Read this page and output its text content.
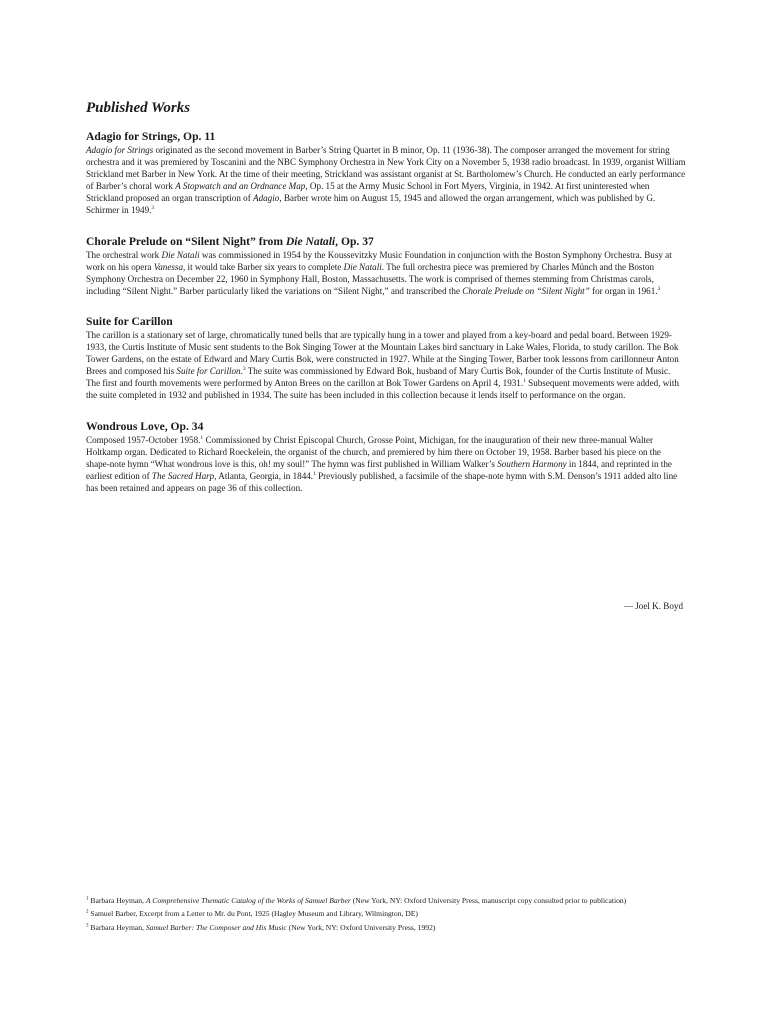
Published Works
Adagio for Strings, Op. 11

Adagio for Strings originated as the second movement in Barber’s String Quartet in B minor, Op. 11 (1936-38). The composer arranged the movement for string orchestra and it was premiered by Toscanini and the NBC Symphony Orchestra in New York City on a November 5, 1938 radio broadcast. In 1939, organist William Strickland met Barber in New York. At the time of their meeting, Strickland was assistant organist at St. Bartholomew’s Church. He conducted an early performance of Barber’s choral work A Stopwatch and an Ordnance Map, Op. 15 at the Army Music School in Fort Myers, Virginia, in 1942. At first uninterested when Strickland proposed an organ transcription of Adagio, Barber wrote him on August 15, 1945 and allowed the organ arrangement, which was published by G. Schirmer in 1949.$^3$

Chorale Prelude on “Silent Night” from Die Natali, Op. 37

The orchestral work Die Natali was commissioned in 1954 by the Koussevitzky Music Foundation in conjunction with the Boston Symphony Orchestra. Busy at work on his opera Vanessa, it would take Barber six years to complete Die Natali. The full orchestra piece was premiered by Charles Münch and the Boston Symphony Orchestra on December 22, 1960 in Symphony Hall, Boston, Massachusetts. The work is comprised of themes stemming from Christmas carols, including “Silent Night.” Barber particularly liked the variations on “Silent Night,” and transcribed the Chorale Prelude on “Silent Night” for organ in 1961.$^3$

Suite for Carillon

The carillon is a stationary set of large, chromatically tuned bells that are typically hung in a tower and played from a key-board and pedal board. Between 1929-1933, the Curtis Institute of Music sent students to the Bok Singing Tower at the Mountain Lakes bird sanctuary in Lake Wales, Florida, to study carillon. The Bok Tower Gardens, on the estate of Edward and Mary Curtis Bok, were constructed in 1927. While at the Singing Tower, Barber took lessons from carillonneur Anton Brees and composed his Suite for Carillon.$^3$ The suite was commissioned by Edward Bok, husband of Mary Curtis Bok, founder of the Curtis Institute of Music. The first and fourth movements were performed by Anton Brees on the carillon at Bok Tower Gardens on April 4, 1931.$^1$ Subsequent movements were added, with the suite completed in 1932 and published in 1934. The suite has been included in this collection because it lends itself to performance on the organ.

Wondrous Love, Op. 34

Composed 1957-October 1958.$^1$ Commissioned by Christ Episcopal Church, Grosse Point, Michigan, for the inauguration of their new three-manual Walter Holtkamp organ. Dedicated to Richard Roeckelein, the organist of the church, and premiered by him there on October 19, 1958. Barber based his piece on the shape-note hymn “What wondrous love is this, oh! my soul!” The hymn was first published in William Walker’s Southern Harmony in 1844, and reprinted in the earliest edition of The Sacred Harp, Atlanta, Georgia, in 1844.$^1$ Previously published, a facsimile of the shape-note hymn with S.M. Denson’s 1911 added alto line has been retained and appears on page 36 of this collection.

— Joel K. Boyd

$^1$ Barbara Heyman, A Comprehensive Thematic Catalog of the Works of Samuel Barber (New York, NY: Oxford University Press, manuscript copy consulted prior to publication)

$^2$ Samuel Barber, Excerpt from a Letter to Mr. du Pont, 1925 (Hagley Museum and Library, Wilmington, DE)

$^3$ Barbara Heyman, Samuel Barber: The Composer and His Music (New York, NY: Oxford University Press, 1992)
